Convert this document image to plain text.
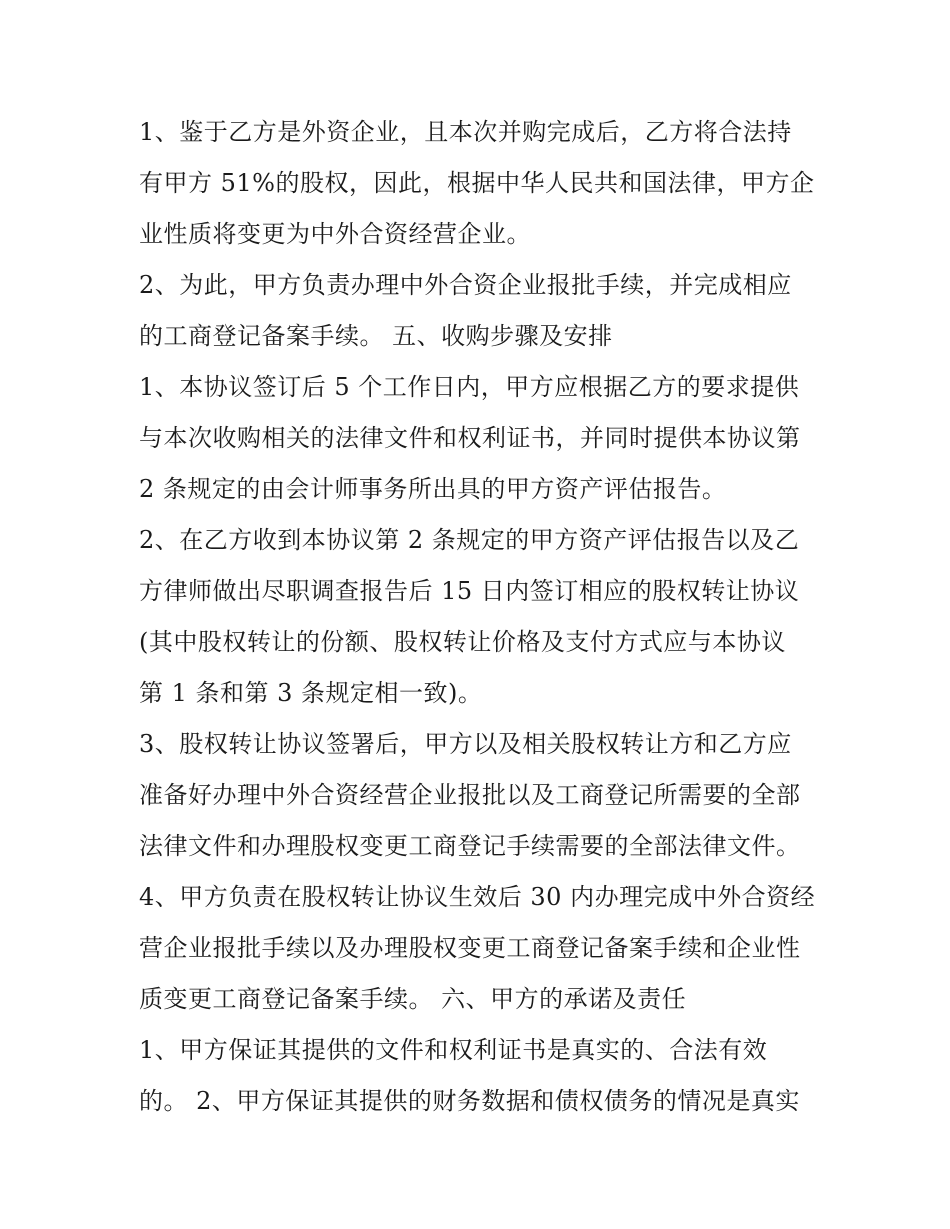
1、鉴于乙方是外资企业，且本次并购完成后，乙方将合法持
有甲方 51%的股权，因此，根据中华人民共和国法律，甲方企
业性质将变更为中外合资经营企业。
2、为此，甲方负责办理中外合资企业报批手续，并完成相应
的工商登记备案手续。 五、收购步骤及安排
1、本协议签订后 5 个工作日内，甲方应根据乙方的要求提供
与本次收购相关的法律文件和权利证书，并同时提供本协议第
2 条规定的由会计师事务所出具的甲方资产评估报告。
2、在乙方收到本协议第 2 条规定的甲方资产评估报告以及乙
方律师做出尽职调查报告后 15 日内签订相应的股权转让协议
(其中股权转让的份额、股权转让价格及支付方式应与本协议
第 1 条和第 3 条规定相一致)。
3、股权转让协议签署后，甲方以及相关股权转让方和乙方应
准备好办理中外合资经营企业报批以及工商登记所需要的全部
法律文件和办理股权变更工商登记手续需要的全部法律文件。
4、甲方负责在股权转让协议生效后 30 内办理完成中外合资经
营企业报批手续以及办理股权变更工商登记备案手续和企业性
质变更工商登记备案手续。 六、甲方的承诺及责任
1、甲方保证其提供的文件和权利证书是真实的、合法有效
的。 2、甲方保证其提供的财务数据和债权债务的情况是真实
